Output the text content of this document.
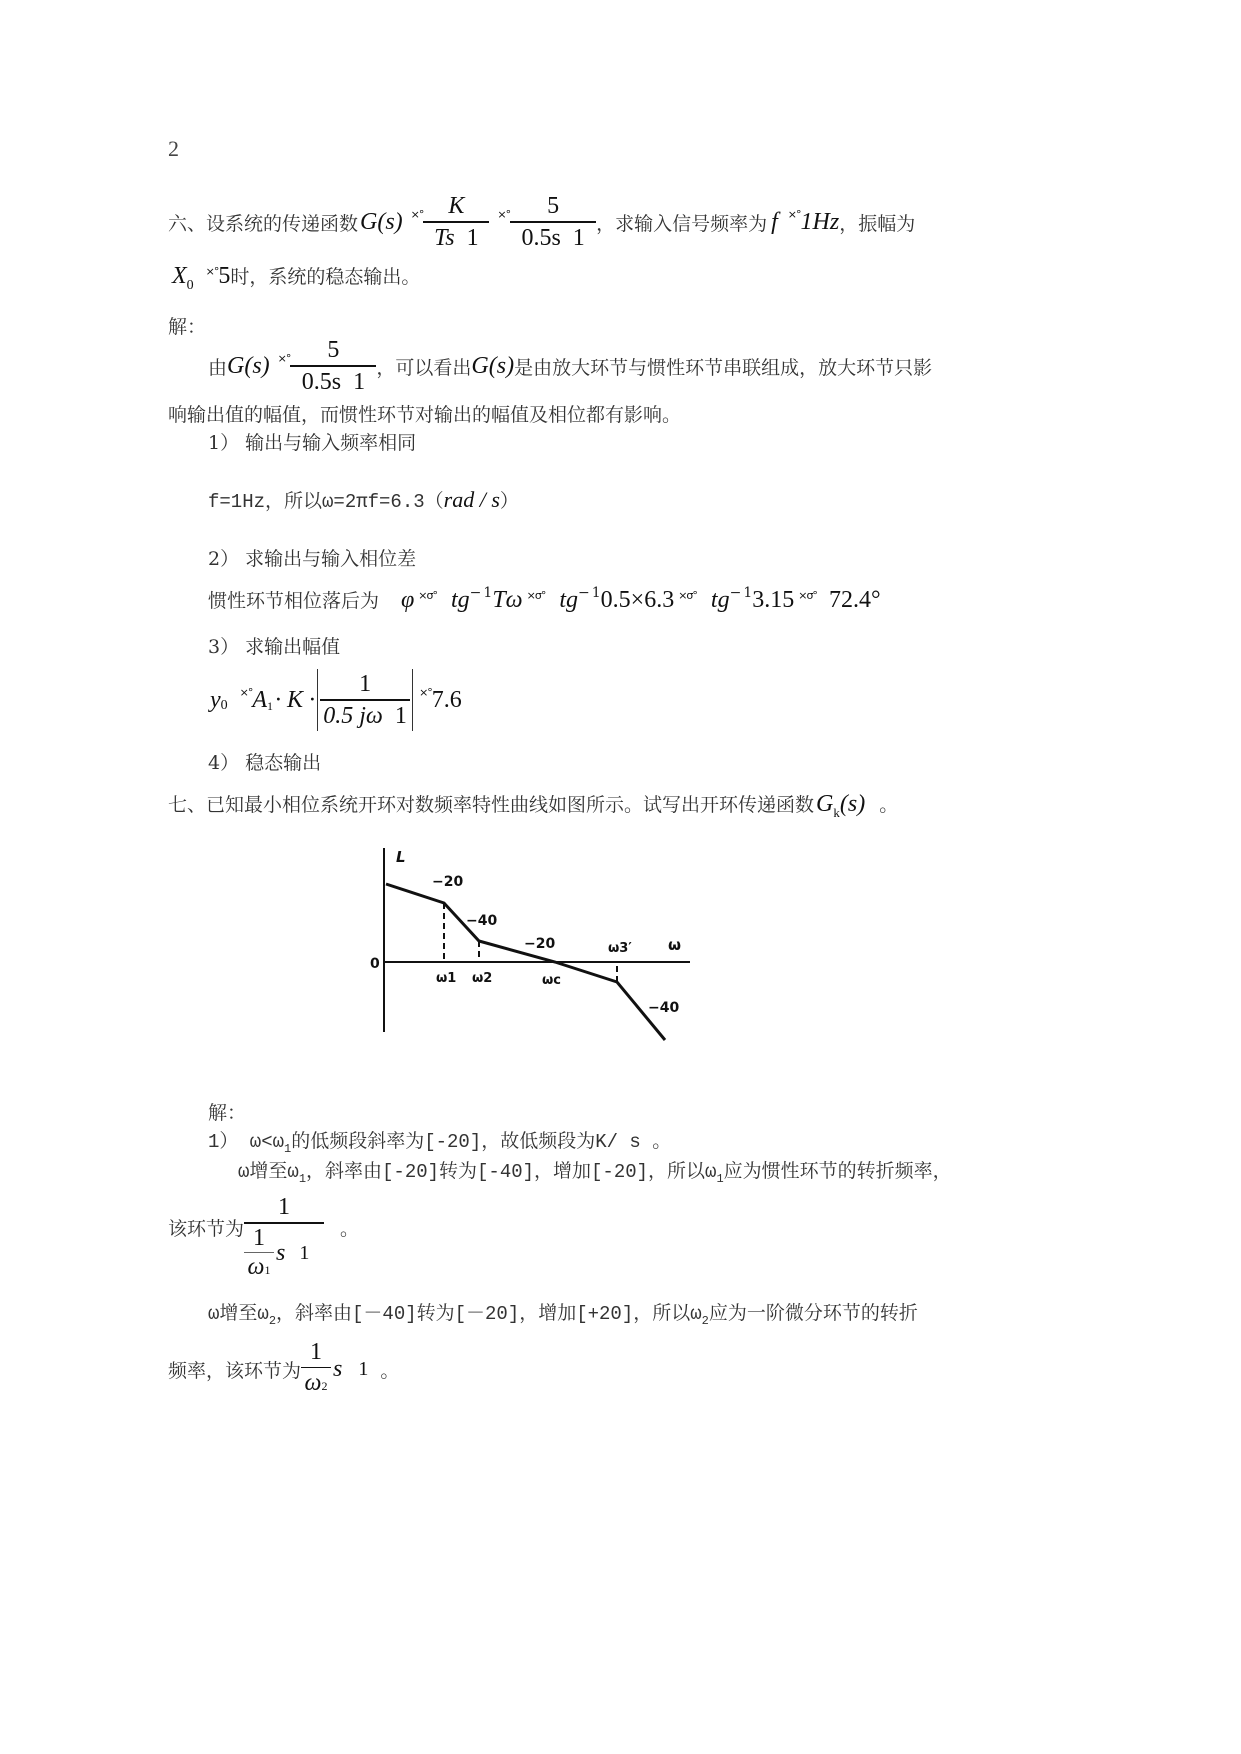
2
六、设系统的传递函数 G(s) ×° $\frac{K}{Ts 1}$ ×° $\frac{5}{0.5s 1}$ ，求输入信号频率为 f ×° 1Hz ，振幅为
X 0
×° 5 时，系统的稳态输出。
解：
由 G(s) ×° $\frac{5}{0.5s 1}$ ，可以看出 G(s) 是由放大环节与惯性环节串联组成，放大环节只影
响输出值的幅值，而惯性环节对输出的幅值及相位都有影响。
1） 输出与输入频率相同
f=1Hz，所以ω=2πf=6.3（ rad / s ）
2） 求输出与输入相位差
惯性环节相位落后为 φ ×σ° tg − 1 Tω ×σ° tg − 1 0.5×6.3 ×σ° tg − 1 3.15 ×σ° 72.4°
3） 求输出幅值
y 0
×° A $1 \cdot K \cdot \frac{1}{0.5 j\omega 1}$ ×° 7.6
4） 稳态输出
七、已知最小相位系统开环对数频率特性曲线如图所示。试写出开环传递函数 G k (s) 。
L
0
ω
ω1 ω2	ωc
ω3′
−20
−40
−20
−40
解：
1） $\omega<\omega_1$的低频段斜率为[-20]，故低频段为K/ s 。
ω增至$\omega_1$，斜率由[-20]转为[-40]，增加[-20]，所以$\omega_1$应为惯性环节的转折频率，
该环节为
1
1
ω1
s 1
。
ω增至$\omega_2$，斜率由[－40]转为[－20]，增加[+20]，所以$\omega_2$应为一阶微分环节的转折
频率，该环节为 $\frac{1}{\omega 2}$ s 1 。
